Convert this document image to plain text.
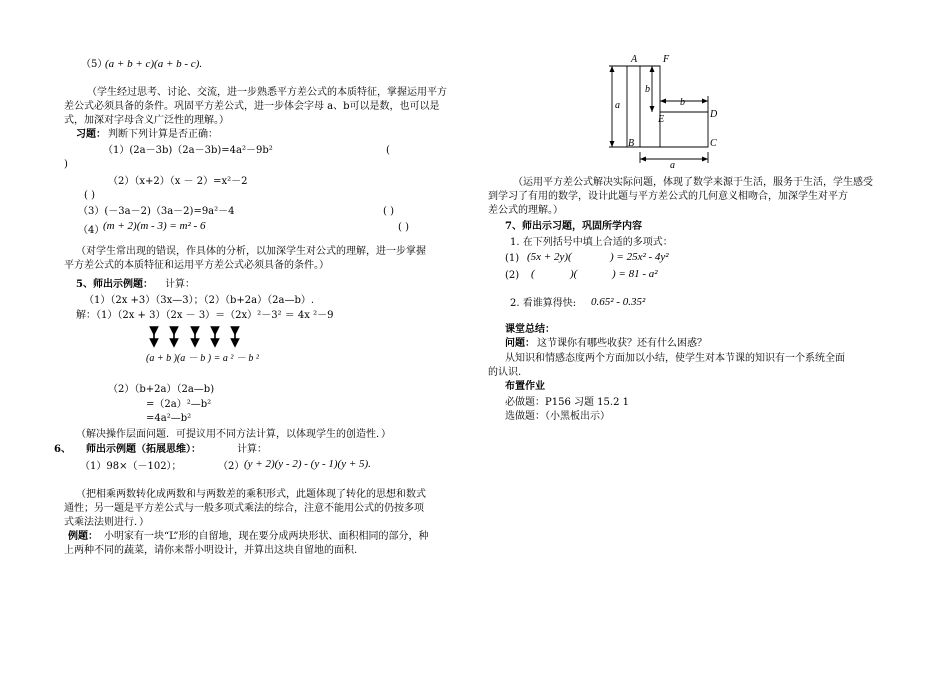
（5）
(a + b + c)(a + b - c).
（学生经过思考、讨论、交流，进一步熟悉平方差公式的本质特征，掌握运用平方
差公式必须具备的条件。巩固平方差公式，进一步体会字母 a、b可以是数，也可以是
式，加深对字母含义广泛性的理解。）
习题： 判断下列计算是否正确：
（1）(2a－3b)（2a－3b)=4a²－9b²	(
)
（2）（x+2）（x － 2）=x²－2
( )
（3）(－3a－2)（3a－2)=9a²－4	( )
（4）
(m + 2)(m - 3) = m² - 6	( )
（对学生常出现的错误，作具体的分析，以加深学生对公式的理解，进一步掌握
平方差公式的本质特征和运用平方差公式必须具备的条件。）
5、师出示例题： 计算：
（1）（2x +3）（3x—3）；（2）（b+2a）（2a—b）.
解：（1）（2x + 3）（2x － 3）＝（2x）²－3² ＝ 4x ²－9
(a + b )(a － b ) = a ² － b ²
（2）（b+2a）（2a—b)
=（2a）²—b²
=4a²—b²
（解决操作层面问题．可提议用不同方法计算，以体现学生的创造性．）
6、 师出示例题（拓展思维）：	计算：
（1）98×（－102）；	（2） (y + 2)(y - 2) - (y - 1)(y + 5).
（把相乘两数转化成两数和与两数差的乘积形式，此题体现了转化的思想和数式
通性；另一题是平方差公式与一般多项式乘法的综合，注意不能用公式的仍按多项
式乘法法则进行．）
例题： 小明家有一块“L”形的自留地，现在要分成两块形状、面积相同的部分，种
上两种不同的蔬菜，请你来帮小明设计，并算出这块自留地的面积.
A	F
b
a	b
E	D
B	C
a
（运用平方差公式解决实际问题，体现了数学来源于生活，服务于生活，学生感受
到学习了有用的数学，设计此题与平方差公式的几何意义相吻合，加深学生对平方
差公式的理解。）
7、师出示习题，巩固所学内容
1. 在下列括号中填上合适的多项式：
(1) (5x + 2y)(	) = 25x² - 4y²
(2) (	)(	) = 81 - a²
2. 看谁算得快: 0.65² - 0.35²
课堂总结：
问题： 这节课你有哪些收获？还有什么困惑？
从知识和情感态度两个方面加以小结，使学生对本节课的知识有一个系统全面
的认识.
布置作业
必做题：P156 习题 15.2 1
选做题：（小黑板出示）
